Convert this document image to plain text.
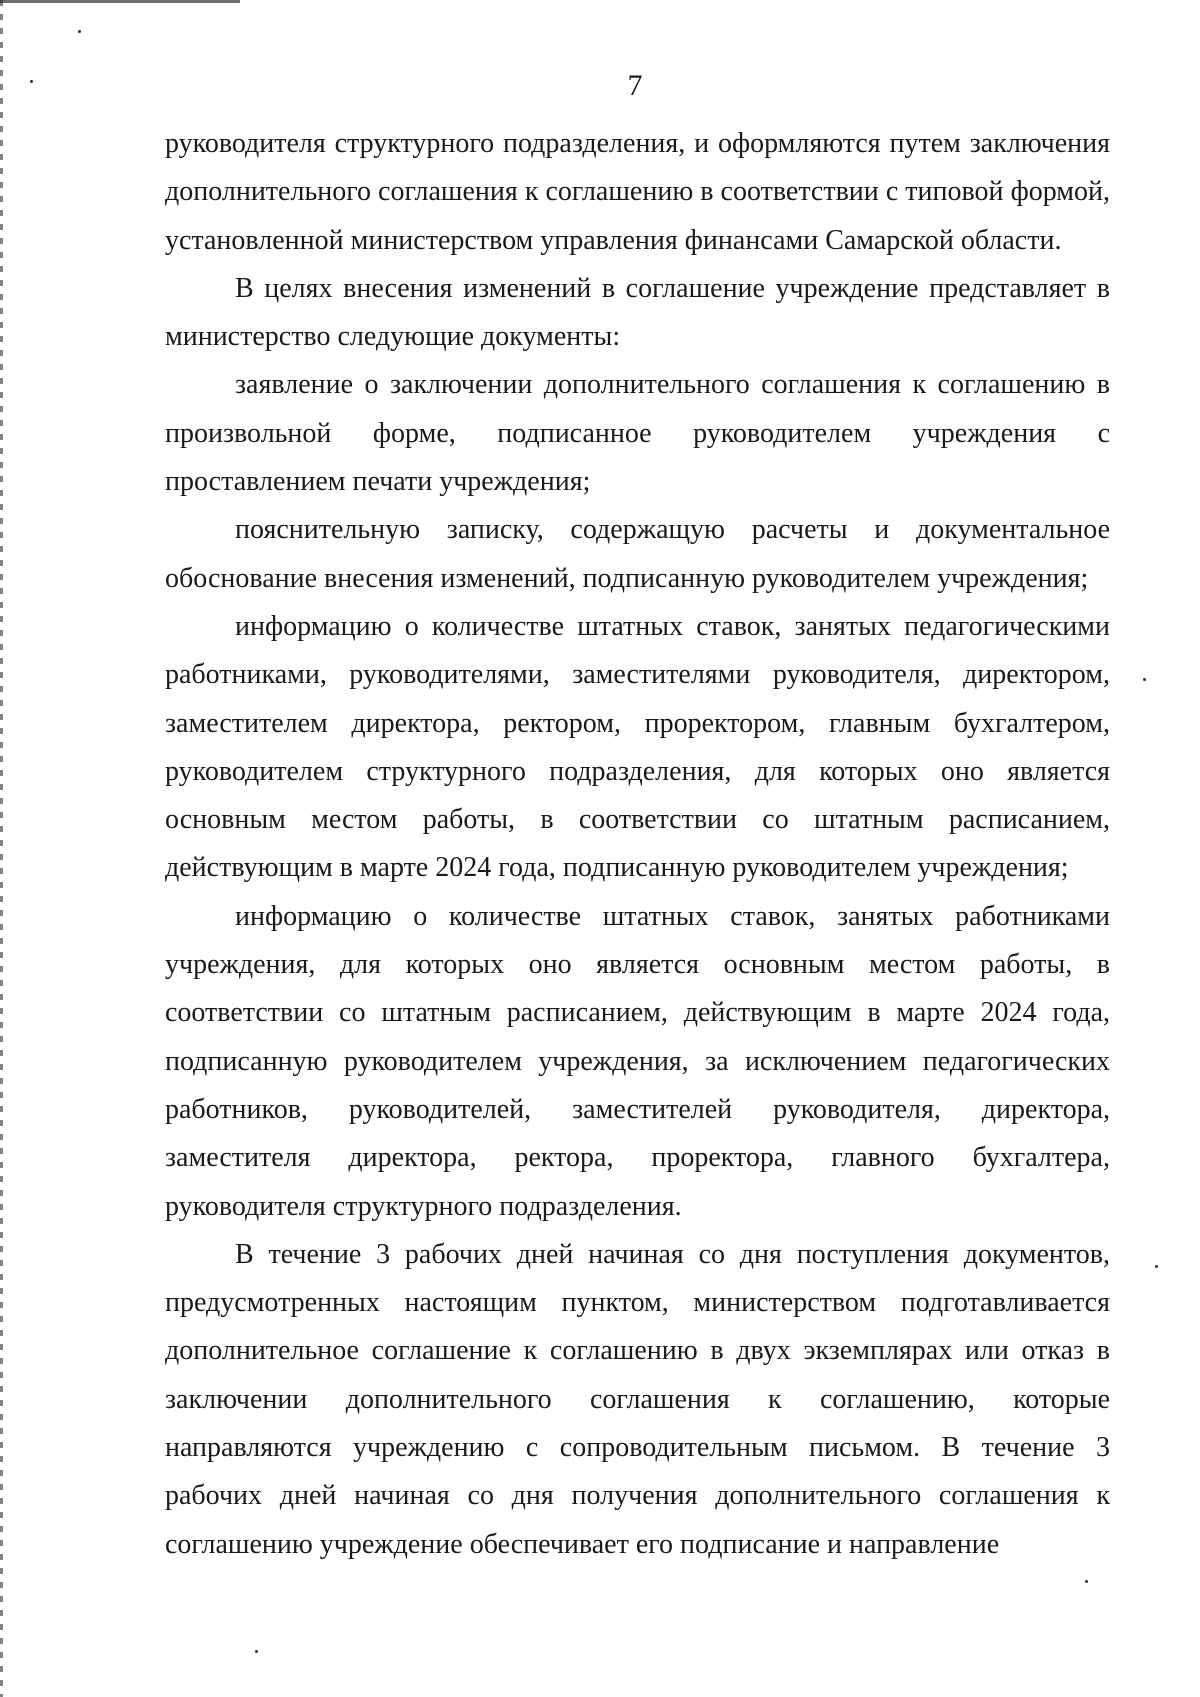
7

руководителя структурного подразделения, и оформляются путем заключения дополнительного соглашения к соглашению в соответствии с типовой формой, установленной министерством управления финансами Самарской области.

В целях внесения изменений в соглашение учреждение представляет в министерство следующие документы:

заявление о заключении дополнительного соглашения к соглашению в произвольной форме, подписанное руководителем учреждения с проставлением печати учреждения;

пояснительную записку, содержащую расчеты и документальное обоснование внесения изменений, подписанную руководителем учреждения;

информацию о количестве штатных ставок, занятых педагогическими работниками, руководителями, заместителями руководителя, директором, заместителем директора, ректором, проректором, главным бухгалтером, руководителем структурного подразделения, для которых оно является основным местом работы, в соответствии со штатным расписанием, действующим в марте 2024 года, подписанную руководителем учреждения;

информацию о количестве штатных ставок, занятых работниками учреждения, для которых оно является основным местом работы, в соответствии со штатным расписанием, действующим в марте 2024 года, подписанную руководителем учреждения, за исключением педагогических работников, руководителей, заместителей руководителя, директора, заместителя директора, ректора, проректора, главного бухгалтера, руководителя структурного подразделения.

В течение 3 рабочих дней начиная со дня поступления документов, предусмотренных настоящим пунктом, министерством подготавливается дополнительное соглашение к соглашению в двух экземплярах или отказ в заключении дополнительного соглашения к соглашению, которые направляются учреждению с сопроводительным письмом. В течение 3 рабочих дней начиная со дня получения дополнительного соглашения к соглашению учреждение обеспечивает его подписание и направление
